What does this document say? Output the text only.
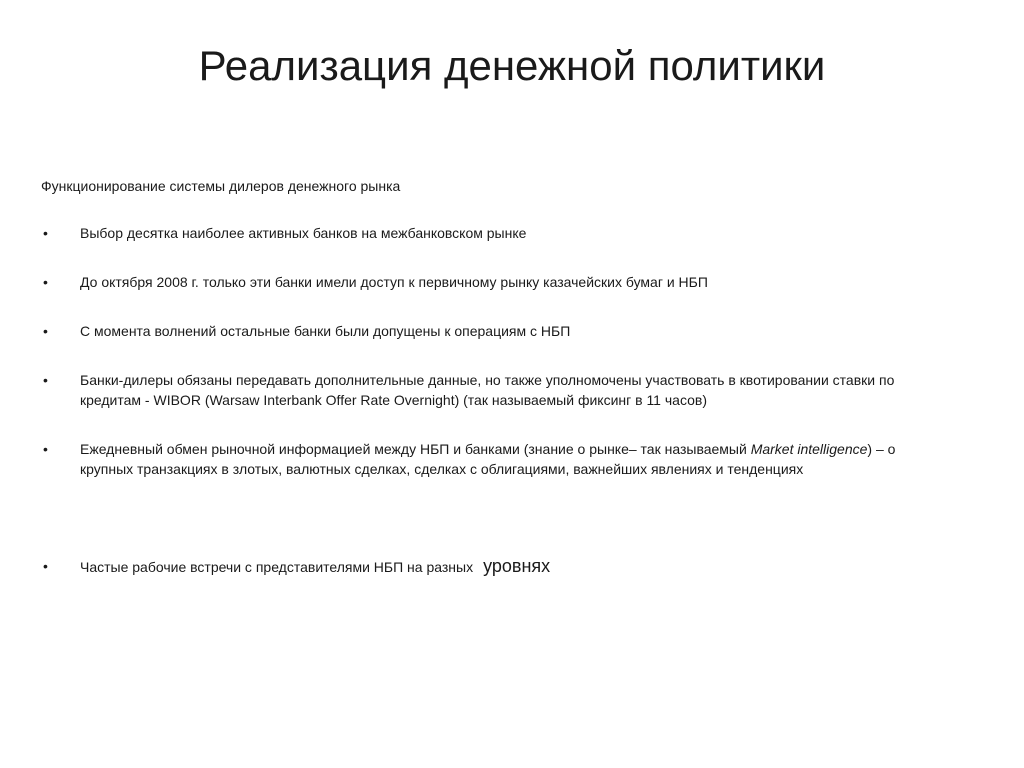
Реализация денежной политики

Функционирование системы дилеров денежного рынка

•	Выбор десятка наиболее активных банков на межбанковском рынке
•	До октября 2008 г. только эти банки имели доступ к первичному рынку казачейских бумаг и НБП
•	С момента волнений остальные банки были допущены к операциям с НБП
•	Банки-дилеры обязаны передавать дополнительные данные, но также уполномочены участвовать в квотировании ставки по кредитам - WIBOR (Warsaw Interbank Offer Rate Overnight) (так называемый фиксинг в 11 часов)
•	Ежедневный обмен рыночной информацией между НБП и банками (знание о рынке– так называемый Market intelligence) – о крупных транзакциях в злотых, валютных сделках, сделках с облигациями, важнейших явлениях и тенденциях
•	Частые рабочие встречи с представителями НБП на разных уровнях
